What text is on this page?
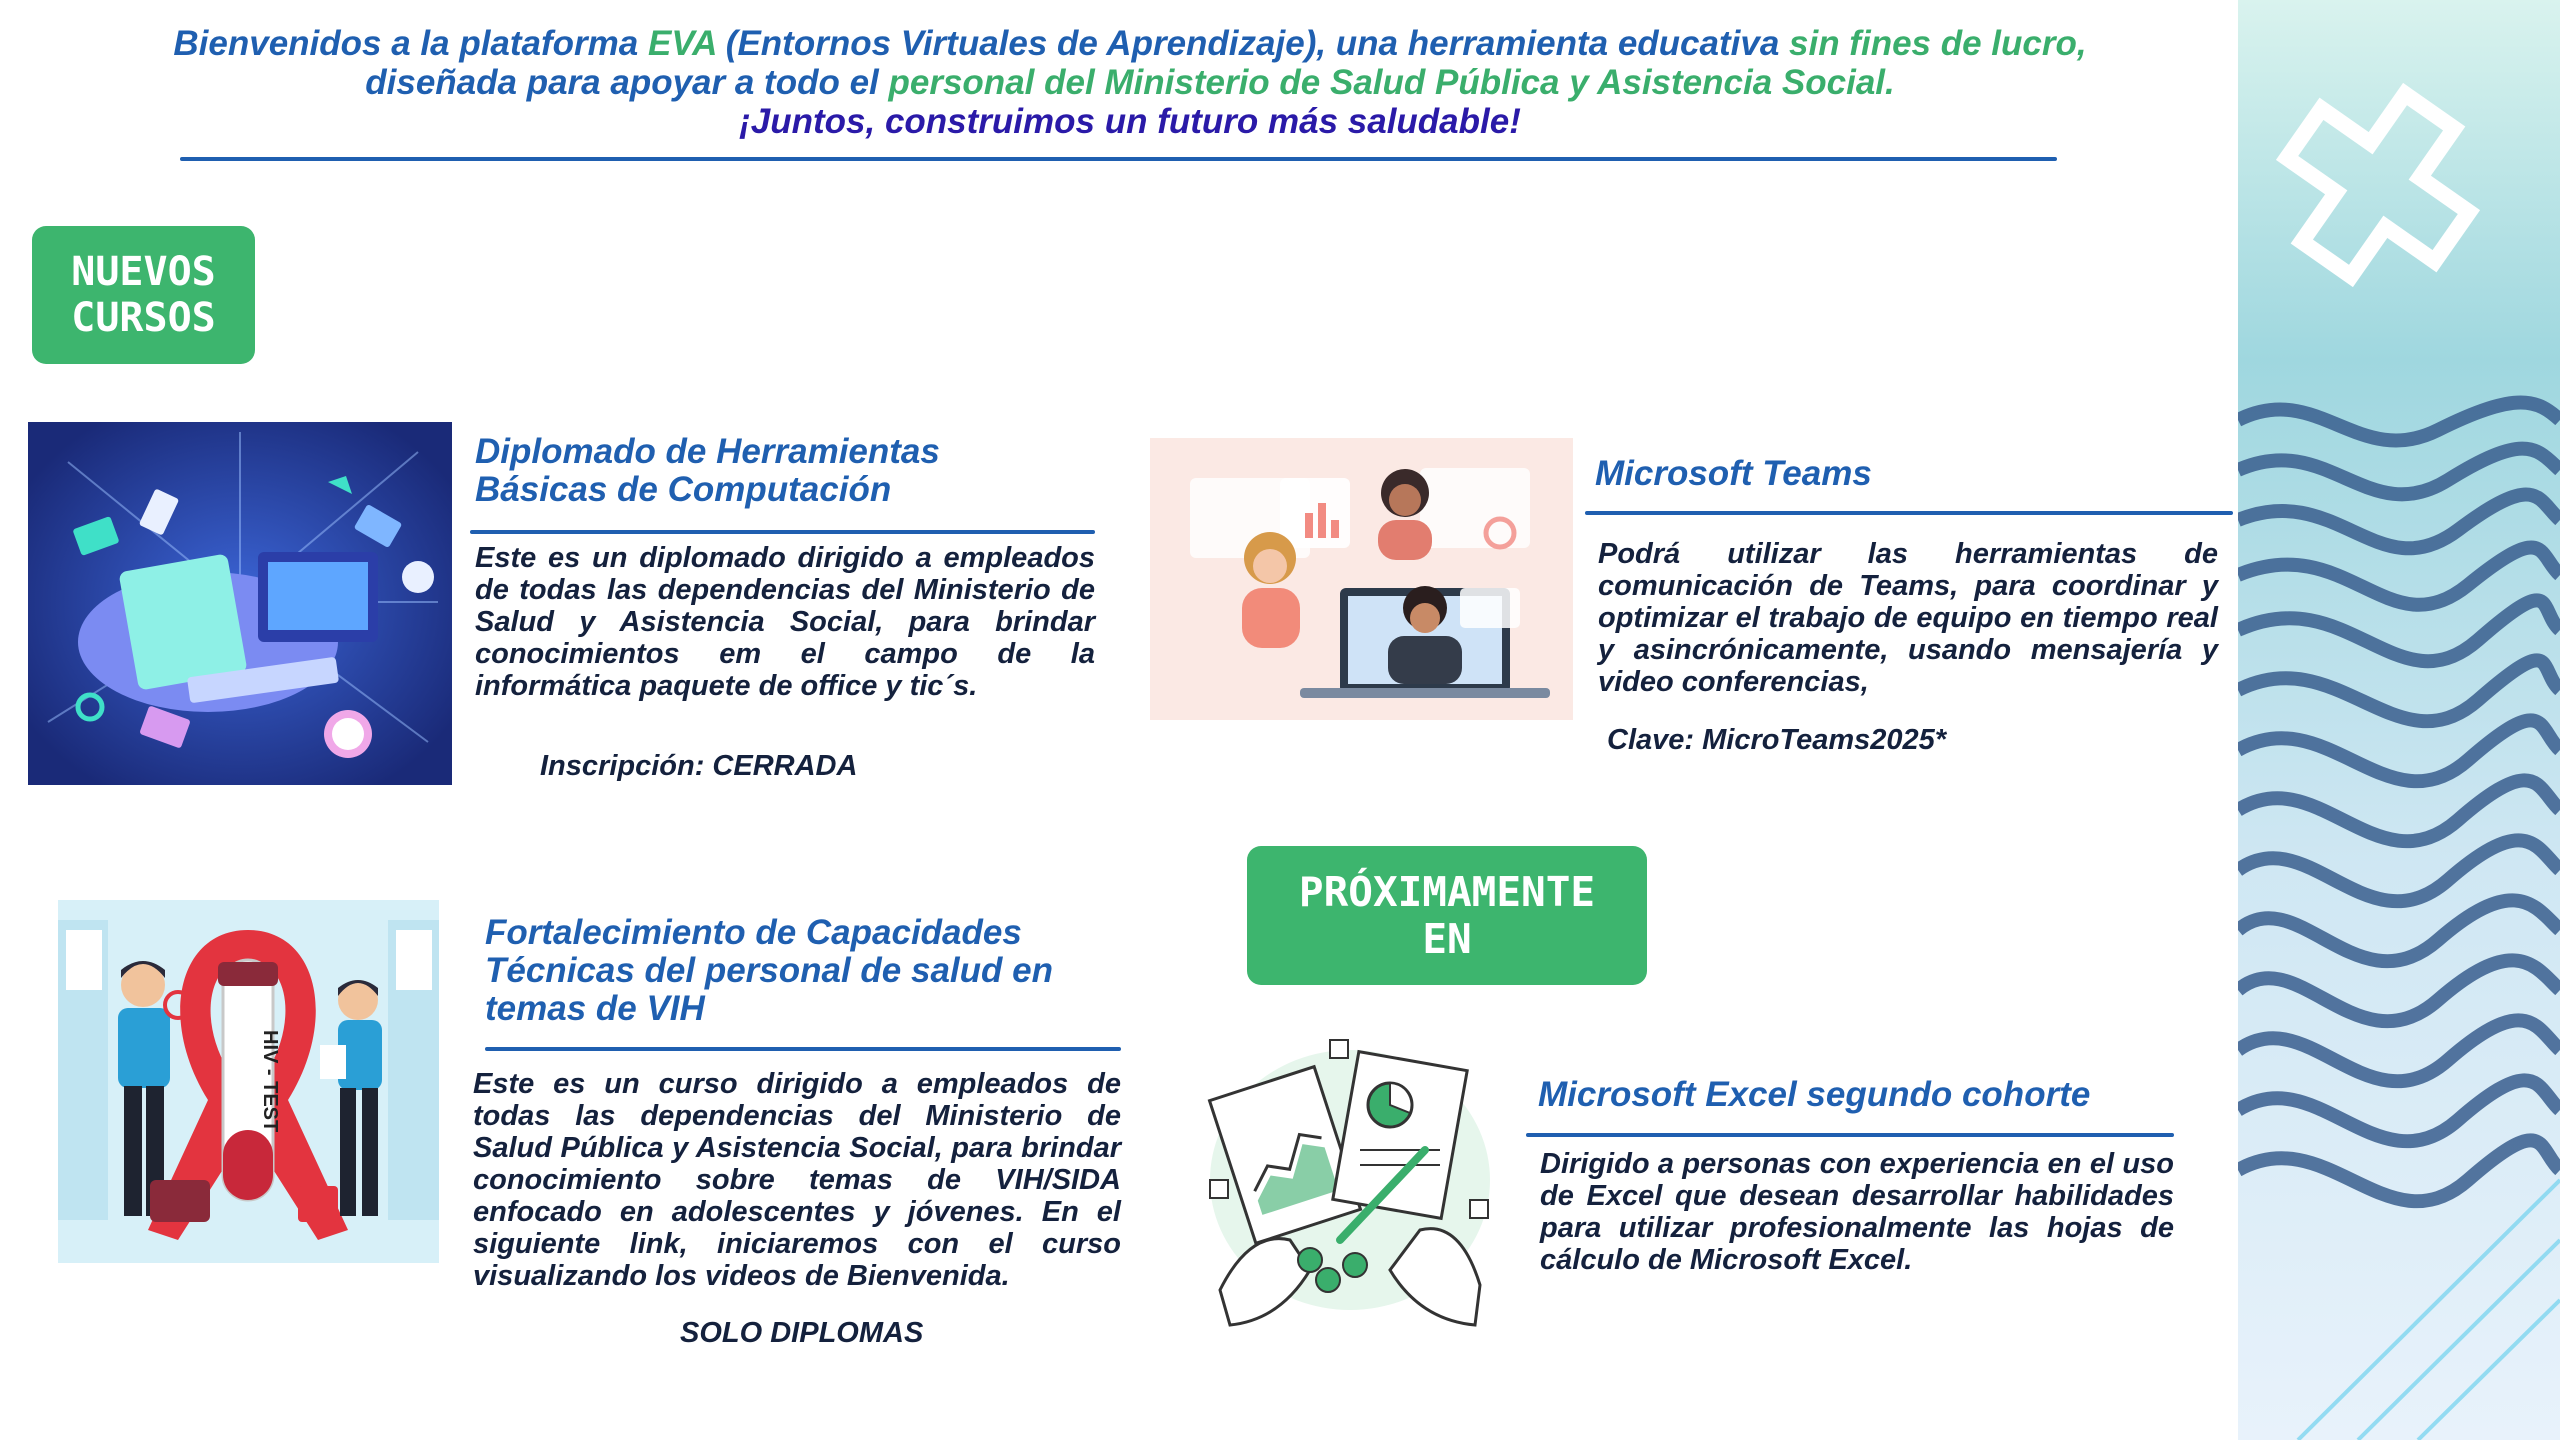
Bienvenidos a la plataforma EVA (Entornos Virtuales de Aprendizaje), una herramienta educativa sin fines de lucro, diseñada para apoyar a todo el personal del Ministerio de Salud Pública y Asistencia Social.
¡Juntos, construimos un futuro más saludable!
NUEVOS
CURSOS
Diplomado de Herramientas
Básicas de Computación
Este es un diplomado dirigido a empleados de todas las dependencias del Ministerio de Salud y Asistencia Social, para brindar conocimientos em el campo de la informática paquete de office y tic´s.
Inscripción: CERRADA
Microsoft Teams
Podrá utilizar las herramientas de comunicación de Teams, para coordinar y optimizar el trabajo de equipo en tiempo real y asincrónicamente, usando mensajería y video conferencias,
Clave: MicroTeams2025*
HIV - TEST
Fortalecimiento de Capacidades
Técnicas del personal de salud en
temas de VIH
Este es un curso dirigido a empleados de todas las dependencias del Ministerio de Salud Pública y Asistencia Social, para brindar conocimiento sobre temas de VIH/SIDA enfocado en adolescentes y jóvenes. En el siguiente link, iniciaremos con el curso visualizando los videos de Bienvenida.
SOLO DIPLOMAS
PRÓXIMAMENTE
EN
Microsoft Excel segundo cohorte
Dirigido a personas con experiencia en el uso de Excel que desean desarrollar habilidades para utilizar profesionalmente las hojas de cálculo de Microsoft Excel.
